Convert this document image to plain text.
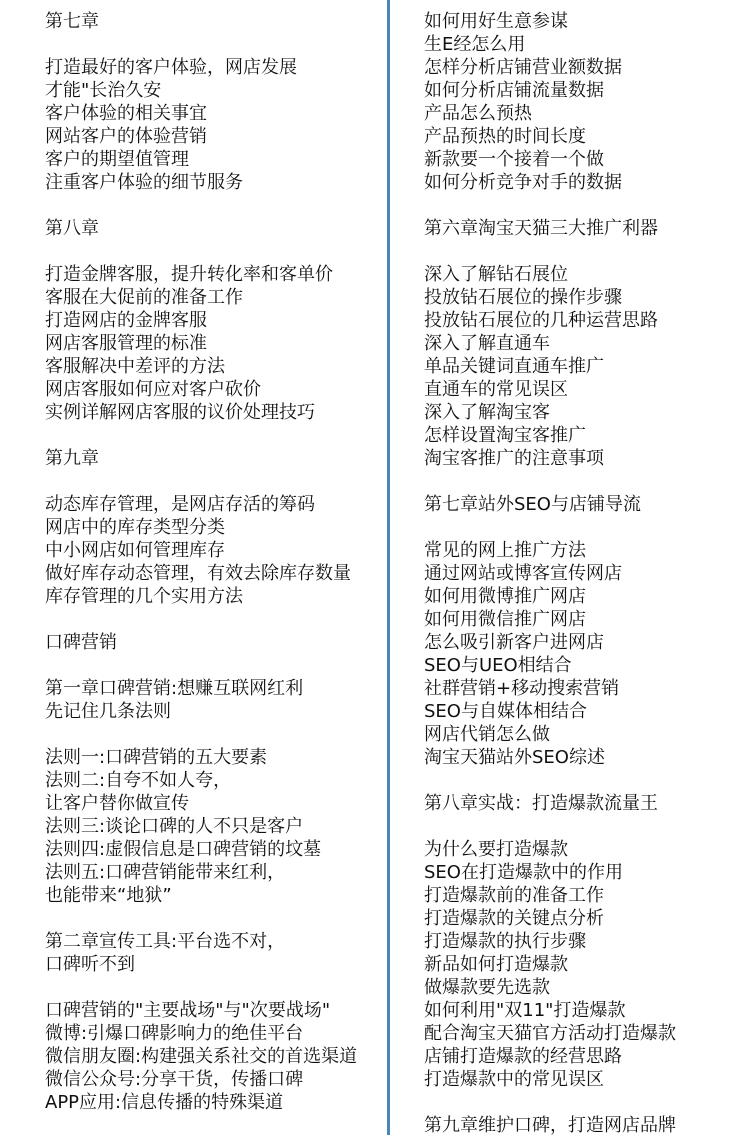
第七章
打造最好的客户体验，网店发展
才能"长治久安
客户体验的相关事宜
网站客户的体验营销
客户的期望值管理
注重客户体验的细节服务
第八章
打造金牌客服，提升转化率和客单价
客服在大促前的准备工作
打造网店的金牌客服
网店客服管理的标准
客服解决中差评的方法
网店客服如何应对客户砍价
实例详解网店客服的议价处理技巧
第九章
动态库存管理，是网店存活的筹码
网店中的库存类型分类
中小网店如何管理库存
做好库存动态管理，有效去除库存数量
库存管理的几个实用方法
口碑营销
第一章口碑营销:想赚互联网红利
先记住几条法则
法则一:口碑营销的五大要素
法则二:自夸不如人夸，
让客户替你做宣传
法则三:谈论口碑的人不只是客户
法则四:虚假信息是口碑营销的坟墓
法则五:口碑营销能带来红利，
也能带来“地狱”
第二章宣传工具:平台选不对，
口碑听不到
口碑营销的"主要战场"与"次要战场"
微博:引爆口碑影响力的绝佳平台
微信朋友圈:构建强关系社交的首选渠道
微信公众号:分享干货，传播口碑
APP应用:信息传播的特殊渠道
如何用好生意参谋
生E经怎么用
怎样分析店铺营业额数据
如何分析店铺流量数据
产品怎么预热
产品预热的时间长度
新款要一个接着一个做
如何分析竞争对手的数据
第六章淘宝天猫三大推广利器
深入了解钻石展位
投放钻石展位的操作步骤
投放钻石展位的几种运营思路
深入了解直通车
单品关键词直通车推广
直通车的常见误区
深入了解淘宝客
怎样设置淘宝客推广
淘宝客推广的注意事项
第七章站外SEO与店铺导流
常见的网上推广方法
通过网站或博客宣传网店
如何用微博推广网店
如何用微信推广网店
怎么吸引新客户进网店
SEO与UEO相结合
社群营销+移动搜索营销
SEO与自媒体相结合
网店代销怎么做
淘宝天猫站外SEO综述
第八章实战：打造爆款流量王
为什么要打造爆款
SEO在打造爆款中的作用
打造爆款前的准备工作
打造爆款的关键点分析
打造爆款的执行步骤
新品如何打造爆款
做爆款要先选款
如何利用"双11"打造爆款
配合淘宝天猫官方活动打造爆款
店铺打造爆款的经营思路
打造爆款中的常见误区
第九章维护口碑，打造网店品牌
